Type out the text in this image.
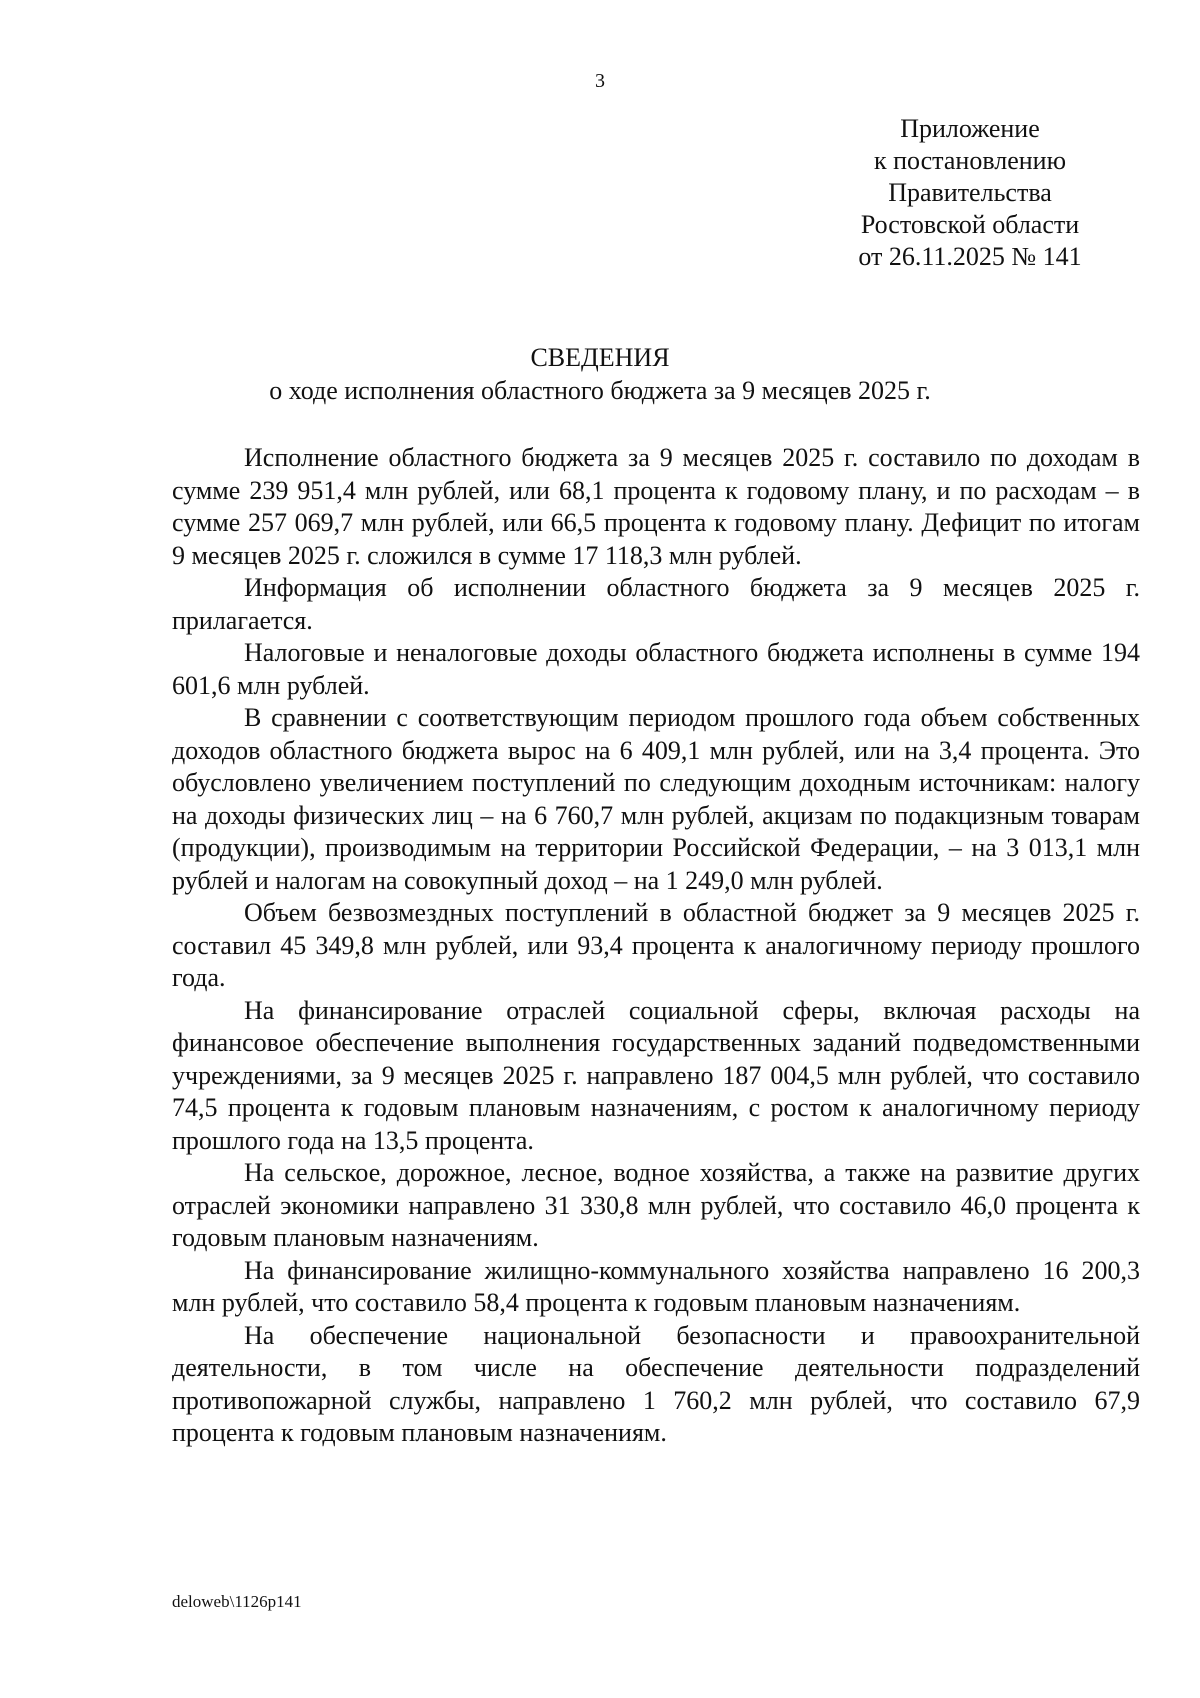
3

Приложение
к постановлению
Правительства
Ростовской области
от 26.11.2025 № 141
СВЕДЕНИЯ

о ходе исполнения областного бюджета за 9 месяцев 2025 г.

Исполнение областного бюджета за 9 месяцев 2025 г. составило по доходам в сумме 239 951,4 млн рублей, или 68,1 процента к годовому плану, и по расходам – в сумме 257 069,7 млн рублей, или 66,5 процента к годовому плану. Дефицит по итогам 9 месяцев 2025 г. сложился в сумме 17 118,3 млн рублей.

Информация об исполнении областного бюджета за 9 месяцев 2025 г. прилагается.

Налоговые и неналоговые доходы областного бюджета исполнены в сумме 194 601,6 млн рублей.

В сравнении с соответствующим периодом прошлого года объем собственных доходов областного бюджета вырос на 6 409,1 млн рублей, или на 3,4 процента. Это обусловлено увеличением поступлений по следующим доходным источникам: налогу на доходы физических лиц – на 6 760,7 млн рублей, акцизам по подакцизным товарам (продукции), производимым на территории Российской Федерации, – на 3 013,1 млн рублей и налогам на совокупный доход – на 1 249,0 млн рублей.

Объем безвозмездных поступлений в областной бюджет за 9 месяцев 2025 г. составил 45 349,8 млн рублей, или 93,4 процента к аналогичному периоду прошлого года.

На финансирование отраслей социальной сферы, включая расходы на финансовое обеспечение выполнения государственных заданий подведомственными учреждениями, за 9 месяцев 2025 г. направлено 187 004,5 млн рублей, что составило 74,5 процента к годовым плановым назначениям, с ростом к аналогичному периоду прошлого года на 13,5 процента.

На сельское, дорожное, лесное, водное хозяйства, а также на развитие других отраслей экономики направлено 31 330,8 млн рублей, что составило 46,0 процента к годовым плановым назначениям.

На финансирование жилищно-коммунального хозяйства направлено 16 200,3 млн рублей, что составило 58,4 процента к годовым плановым назначениям.

На обеспечение национальной безопасности и правоохранительной деятельности, в том числе на обеспечение деятельности подразделений противопожарной службы, направлено 1 760,2 млн рублей, что составило 67,9 процента к годовым плановым назначениям.

deloweb\1126p141
